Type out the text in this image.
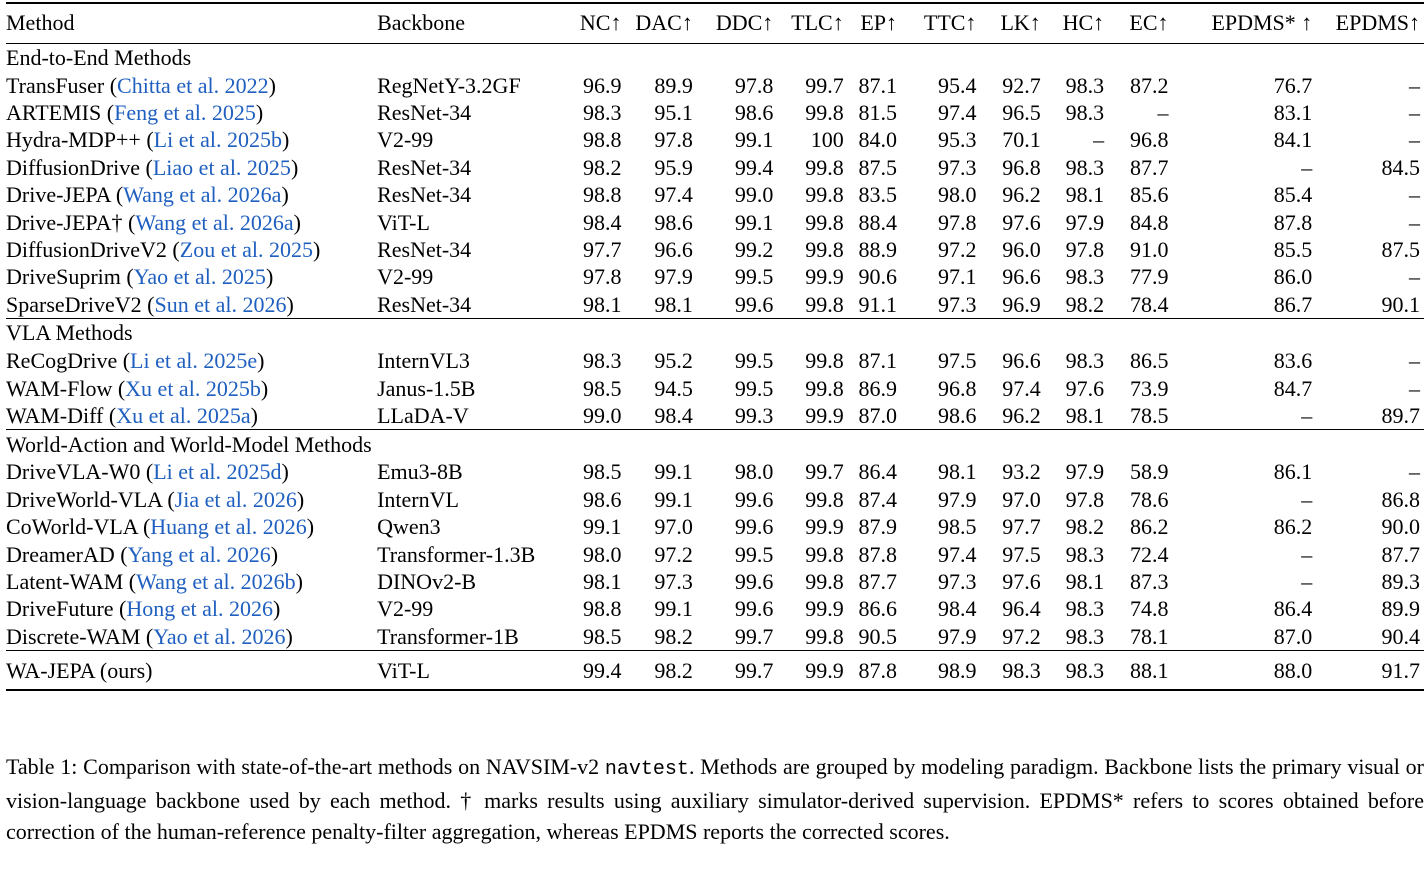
Method	Backbone	NC↑	DAC↑	DDC↑	TLC↑	EP↑	TTC↑	LK↑	HC↑	EC↑	EPDMS* ↑	EPDMS↑
End-to-End Methods												
TransFuser (Chitta et al. 2022)	RegNetY-3.2GF	96.9	89.9	97.8	99.7	87.1	95.4	92.7	98.3	87.2	76.7	–
ARTEMIS (Feng et al. 2025)	ResNet-34	98.3	95.1	98.6	99.8	81.5	97.4	96.5	98.3	–	83.1	–
Hydra-MDP++ (Li et al. 2025b)	V2-99	98.8	97.8	99.1	100	84.0	95.3	70.1	–	96.8	84.1	–
DiffusionDrive (Liao et al. 2025)	ResNet-34	98.2	95.9	99.4	99.8	87.5	97.3	96.8	98.3	87.7	–	84.5
Drive-JEPA (Wang et al. 2026a)	ResNet-34	98.8	97.4	99.0	99.8	83.5	98.0	96.2	98.1	85.6	85.4	–
Drive-JEPA† (Wang et al. 2026a)	ViT-L	98.4	98.6	99.1	99.8	88.4	97.8	97.6	97.9	84.8	87.8	–
DiffusionDriveV2 (Zou et al. 2025)	ResNet-34	97.7	96.6	99.2	99.8	88.9	97.2	96.0	97.8	91.0	85.5	87.5
DriveSuprim (Yao et al. 2025)	V2-99	97.8	97.9	99.5	99.9	90.6	97.1	96.6	98.3	77.9	86.0	–
SparseDriveV2 (Sun et al. 2026)	ResNet-34	98.1	98.1	99.6	99.8	91.1	97.3	96.9	98.2	78.4	86.7	90.1
VLA Methods												
ReCogDrive (Li et al. 2025e)	InternVL3	98.3	95.2	99.5	99.8	87.1	97.5	96.6	98.3	86.5	83.6	–
WAM-Flow (Xu et al. 2025b)	Janus-1.5B	98.5	94.5	99.5	99.8	86.9	96.8	97.4	97.6	73.9	84.7	–
WAM-Diff (Xu et al. 2025a)	LLaDA-V	99.0	98.4	99.3	99.9	87.0	98.6	96.2	98.1	78.5	–	89.7
World-Action and World-Model Methods												
DriveVLA-W0 (Li et al. 2025d)	Emu3-8B	98.5	99.1	98.0	99.7	86.4	98.1	93.2	97.9	58.9	86.1	–
DriveWorld-VLA (Jia et al. 2026)	InternVL	98.6	99.1	99.6	99.8	87.4	97.9	97.0	97.8	78.6	–	86.8
CoWorld-VLA (Huang et al. 2026)	Qwen3	99.1	97.0	99.6	99.9	87.9	98.5	97.7	98.2	86.2	86.2	90.0
DreamerAD (Yang et al. 2026)	Transformer-1.3B	98.0	97.2	99.5	99.8	87.8	97.4	97.5	98.3	72.4	–	87.7
Latent-WAM (Wang et al. 2026b)	DINOv2-B	98.1	97.3	99.6	99.8	87.7	97.3	97.6	98.1	87.3	–	89.3
DriveFuture (Hong et al. 2026)	V2-99	98.8	99.1	99.6	99.9	86.6	98.4	96.4	98.3	74.8	86.4	89.9
Discrete-WAM (Yao et al. 2026)	Transformer-1B	98.5	98.2	99.7	99.8	90.5	97.9	97.2	98.3	78.1	87.0	90.4
WA-JEPA (ours)	ViT-L	99.4	98.2	99.7	99.9	87.8	98.9	98.3	98.3	88.1	88.0	91.7
Table 1: Comparison with state-of-the-art methods on NAVSIM-v2 navtest. Methods are grouped by modeling paradigm. Backbone lists the primary visual or vision-language backbone used by each method. † marks results using auxiliary simulator-derived supervision. EPDMS* refers to scores obtained before correction of the human-reference penalty-filter aggregation, whereas EPDMS reports the corrected scores.
